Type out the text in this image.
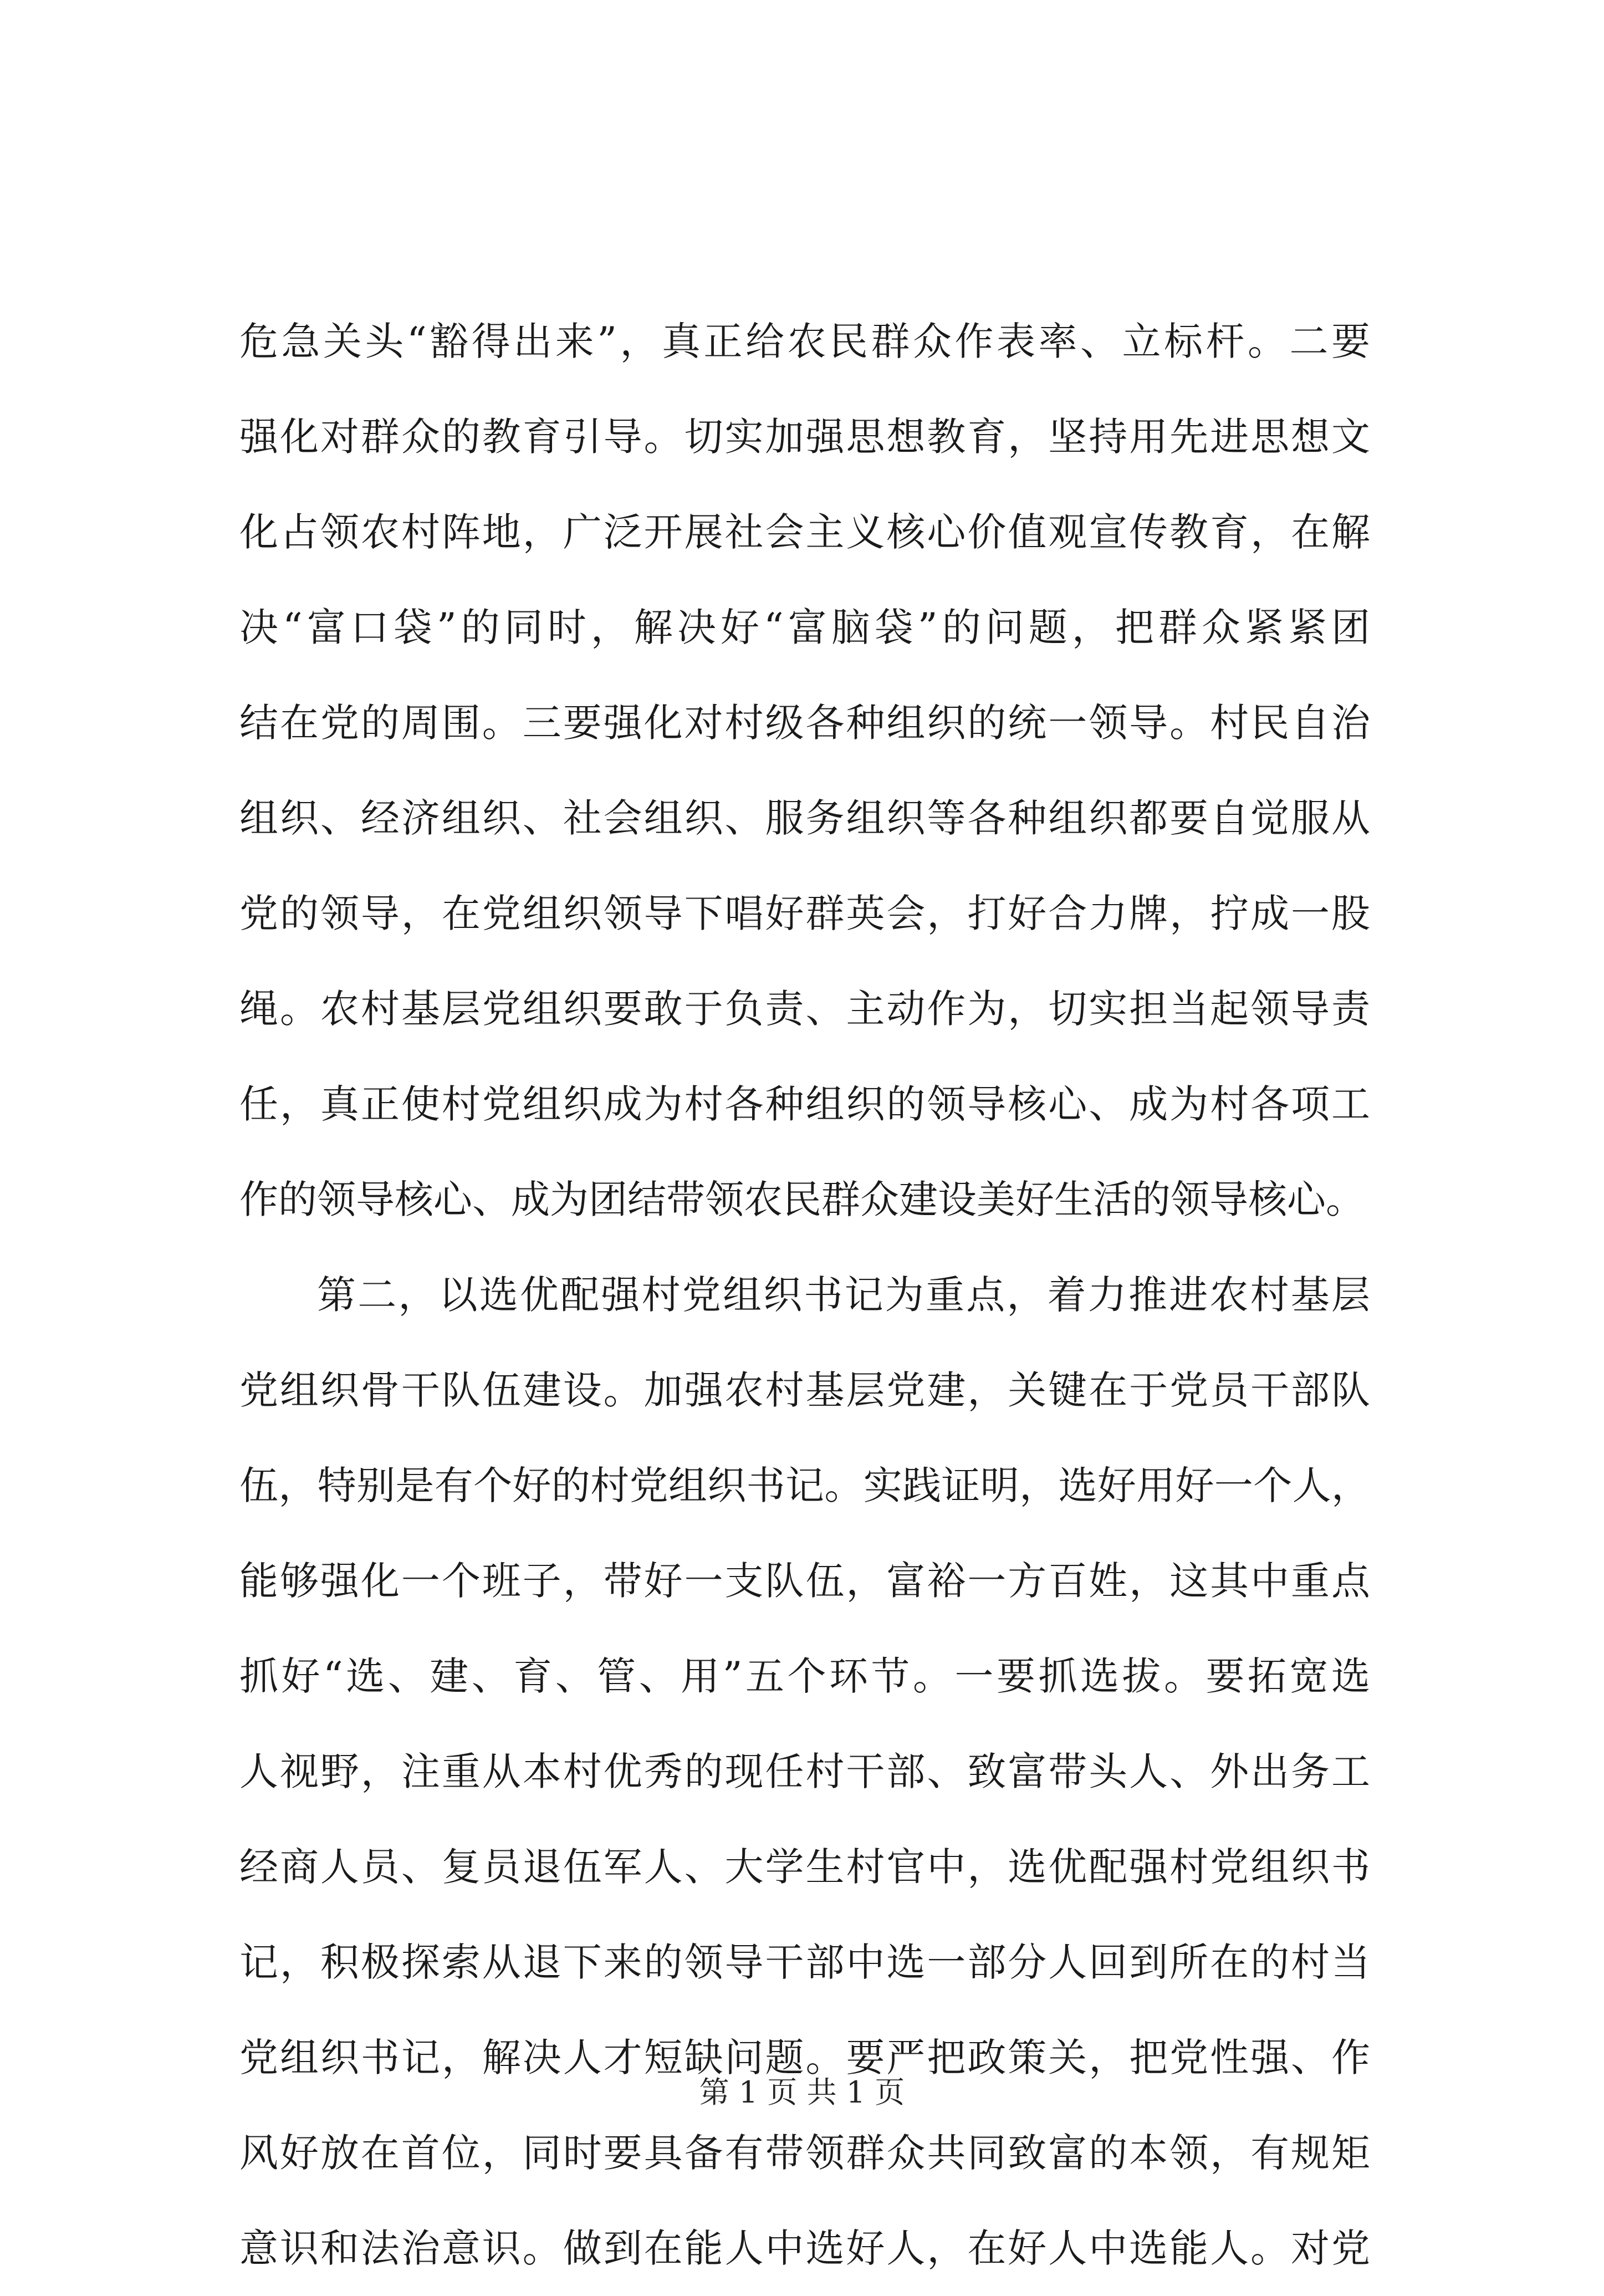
危急关头“豁得出来”，真正给农民群众作表率、立标杆。二要
强化对群众的教育引导。切实加强思想教育，坚持用先进思想文
化占领农村阵地，广泛开展社会主义核心价值观宣传教育，在解
决“富口袋”的同时，解决好“富脑袋”的问题，把群众紧紧团
结在党的周围。三要强化对村级各种组织的统一领导。村民自治
组织、经济组织、社会组织、服务组织等各种组织都要自觉服从
党的领导，在党组织领导下唱好群英会，打好合力牌，拧成一股
绳。农村基层党组织要敢于负责、主动作为，切实担当起领导责
任，真正使村党组织成为村各种组织的领导核心、成为村各项工
作的领导核心、成为团结带领农民群众建设美好生活的领导核心。
第二，以选优配强村党组织书记为重点，着力推进农村基层
党组织骨干队伍建设。加强农村基层党建，关键在于党员干部队
伍，特别是有个好的村党组织书记。实践证明，选好用好一个人，
能够强化一个班子，带好一支队伍，富裕一方百姓，这其中重点
抓好“选、建、育、管、用”五个环节。一要抓选拔。要拓宽选
人视野，注重从本村优秀的现任村干部、致富带头人、外出务工
经商人员、复员退伍军人、大学生村官中，选优配强村党组织书
记，积极探索从退下来的领导干部中选一部分人回到所在的村当
党组织书记，解决人才短缺问题。要严把政策关，把党性强、作
风好放在首位，同时要具备有带领群众共同致富的本领，有规矩
意识和法治意识。做到在能人中选好人，在好人中选能人。对党
第 1 页 共 1 页
